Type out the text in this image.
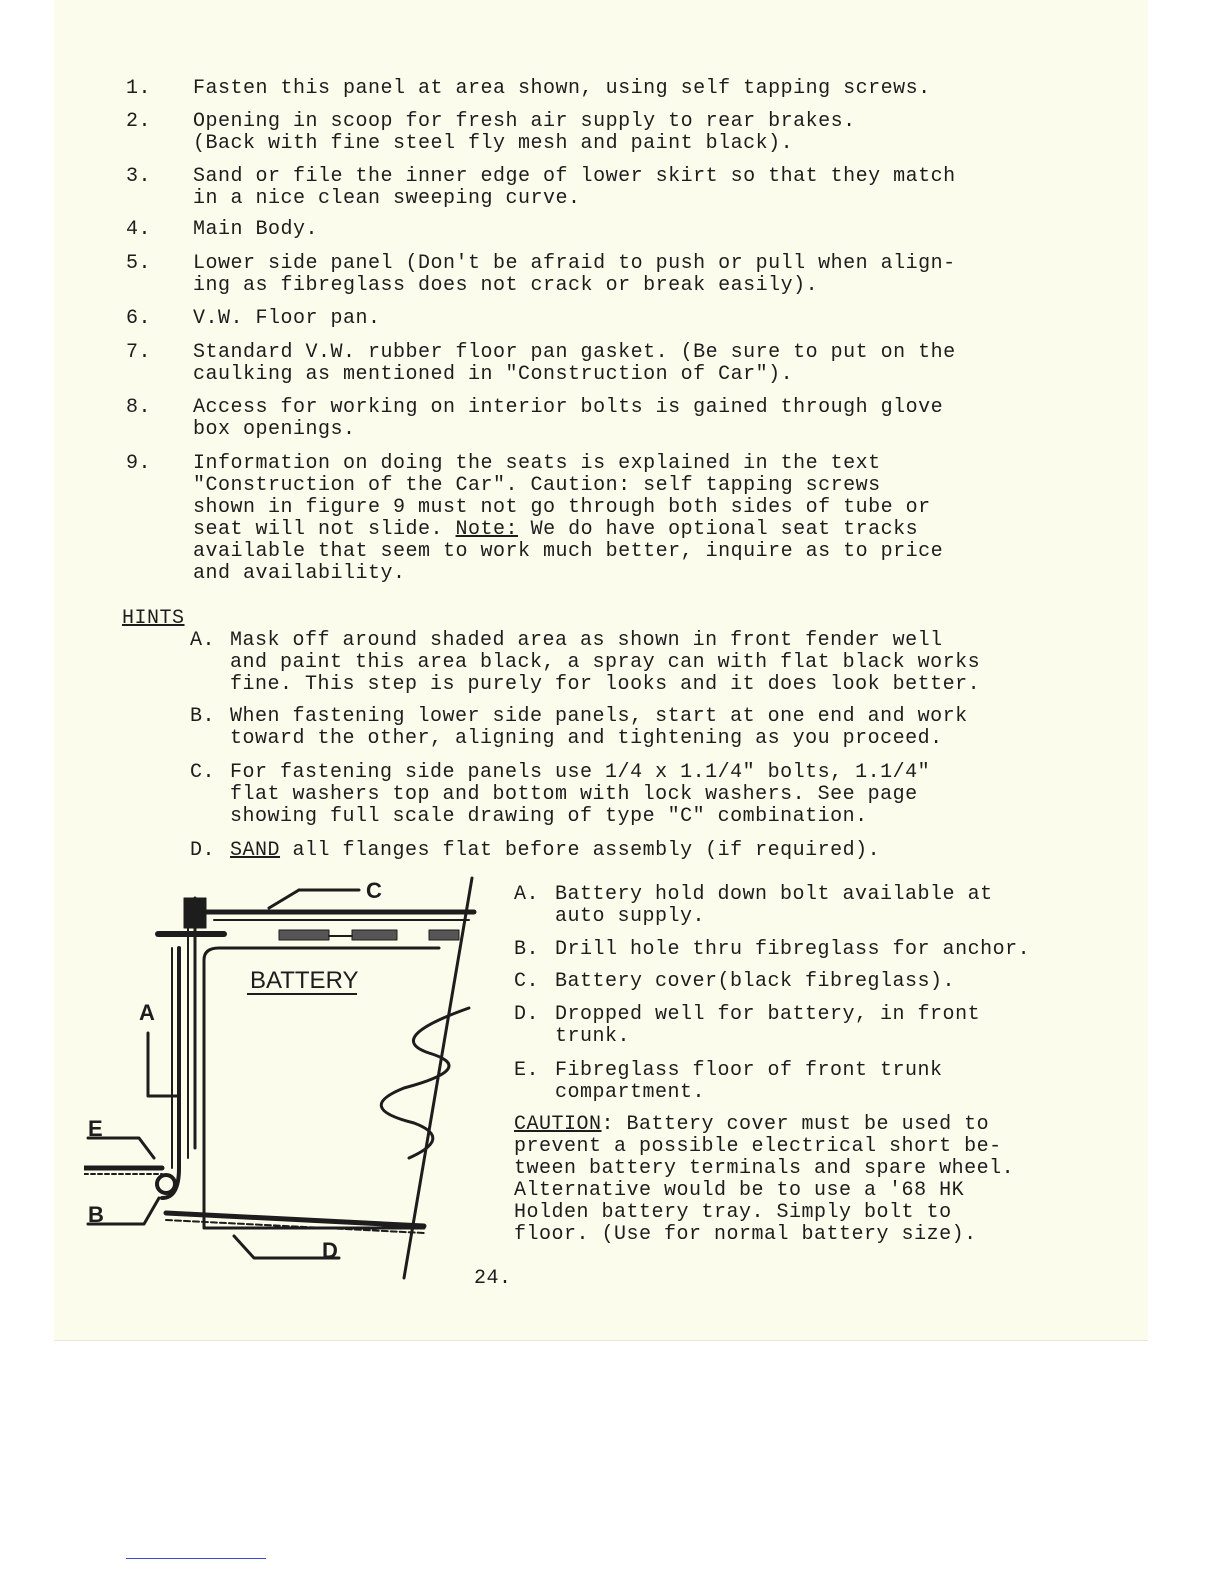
1.	Fasten this panel at area shown, using self tapping screws.
2.	Opening in scoop for fresh air supply to rear brakes.
(Back with fine steel fly mesh and paint black).
3.	Sand or file the inner edge of lower skirt so that they match
in a nice clean sweeping curve.
4.	Main Body.
5.	Lower side panel (Don't be afraid to push or pull when align-
ing as fibreglass does not crack or break easily).
6.	V.W. Floor pan.
7.	Standard V.W. rubber floor pan gasket. (Be sure to put on the
caulking as mentioned in "Construction of Car").
8.	Access for working on interior bolts is gained through glove
box openings.
9.	Information on doing the seats is explained in the text
"Construction of the Car". Caution: self tapping screws
shown in figure 9 must not go through both sides of tube or
seat will not slide. Note: We do have optional seat tracks
available that seem to work much better, inquire as to price
and availability.
HINTS
A. Mask off around shaded area as shown in front fender well
and paint this area black, a spray can with flat black works
fine. This step is purely for looks and it does look better.
B. When fastening lower side panels, start at one end and work
toward the other, aligning and tightening as you proceed.
C. For fastening side panels use 1/4 x 1.1/4" bolts, 1.1/4"
flat washers top and bottom with lock washers. See page
showing full scale drawing of type "C" combination.
D. SAND all flanges flat before assembly (if required).
BATTERY
C
A
E
B
D
A. Battery hold down bolt available at
auto supply.
B. Drill hole thru fibreglass for anchor.
C. Battery cover(black fibreglass).
D. Dropped well for battery, in front
trunk.
E. Fibreglass floor of front trunk
compartment.
CAUTION: Battery cover must be used to
prevent a possible electrical short be-
tween battery terminals and spare wheel.
Alternative would be to use a '68 HK
Holden battery tray. Simply bolt to
floor. (Use for normal battery size).
24.
